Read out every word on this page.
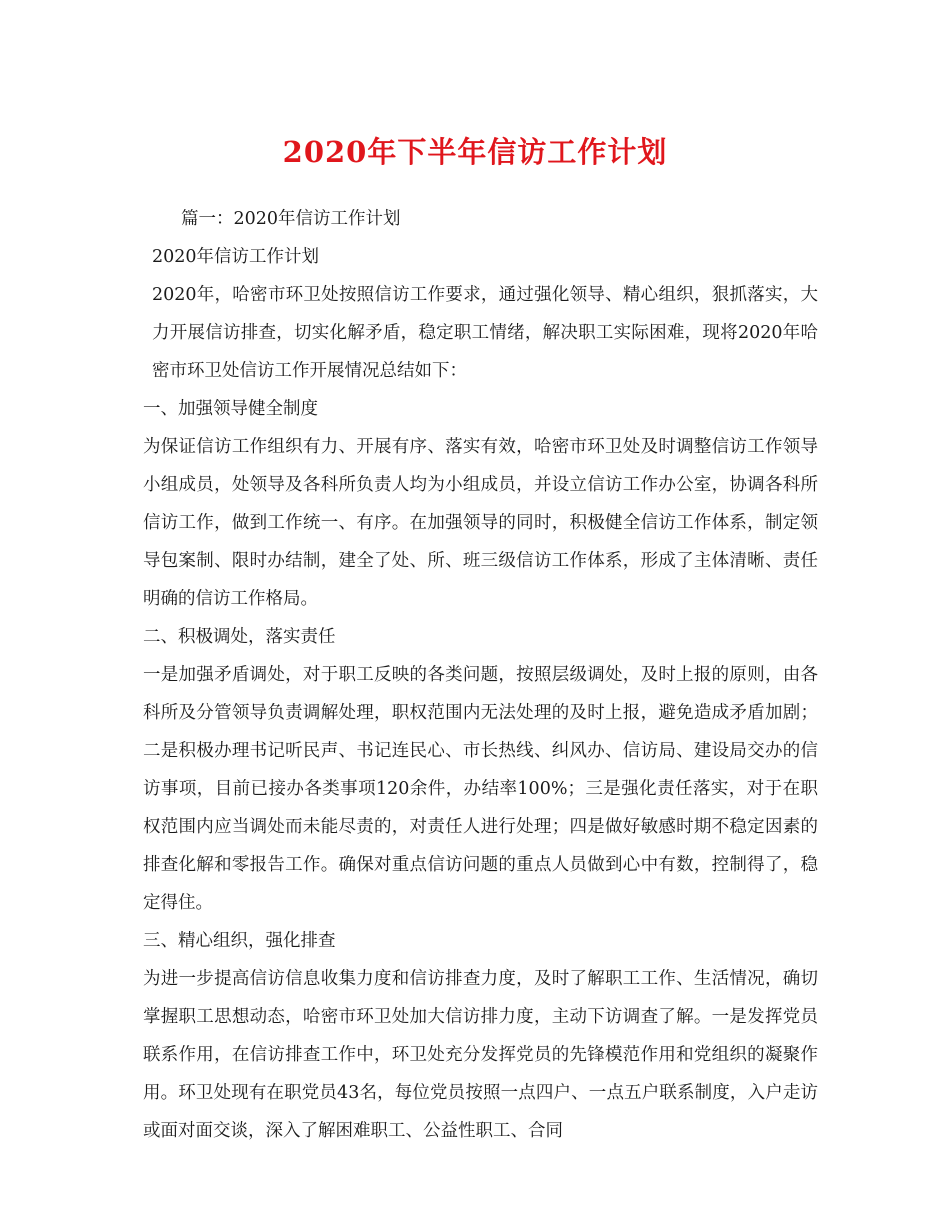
2020年下半年信访工作计划

篇一：2020年信访工作计划

2020年信访工作计划

2020年，哈密市环卫处按照信访工作要求，通过强化领导、精心组织，狠抓落实，大力开展信访排查，切实化解矛盾，稳定职工情绪，解决职工实际困难，现将2020年哈密市环卫处信访工作开展情况总结如下：

一、加强领导健全制度

为保证信访工作组织有力、开展有序、落实有效，哈密市环卫处及时调整信访工作领导小组成员，处领导及各科所负责人均为小组成员，并设立信访工作办公室，协调各科所信访工作，做到工作统一、有序。在加强领导的同时，积极健全信访工作体系，制定领导包案制、限时办结制，建全了处、所、班三级信访工作体系，形成了主体清晰、责任明确的信访工作格局。

二、积极调处，落实责任

一是加强矛盾调处，对于职工反映的各类问题，按照层级调处，及时上报的原则，由各科所及分管领导负责调解处理，职权范围内无法处理的及时上报，避免造成矛盾加剧；二是积极办理书记听民声、书记连民心、市长热线、纠风办、信访局、建设局交办的信访事项，目前已接办各类事项120余件，办结率100%；三是强化责任落实，对于在职权范围内应当调处而未能尽责的，对责任人进行处理；四是做好敏感时期不稳定因素的排查化解和零报告工作。确保对重点信访问题的重点人员做到心中有数，控制得了，稳定得住。

三、精心组织，强化排查

为进一步提高信访信息收集力度和信访排查力度，及时了解职工工作、生活情况，确切掌握职工思想动态，哈密市环卫处加大信访排力度，主动下访调查了解。一是发挥党员联系作用，在信访排查工作中，环卫处充分发挥党员的先锋模范作用和党组织的凝聚作用。环卫处现有在职党员43名，每位党员按照一点四户、一点五户联系制度，入户走访或面对面交谈，深入了解困难职工、公益性职工、合同
